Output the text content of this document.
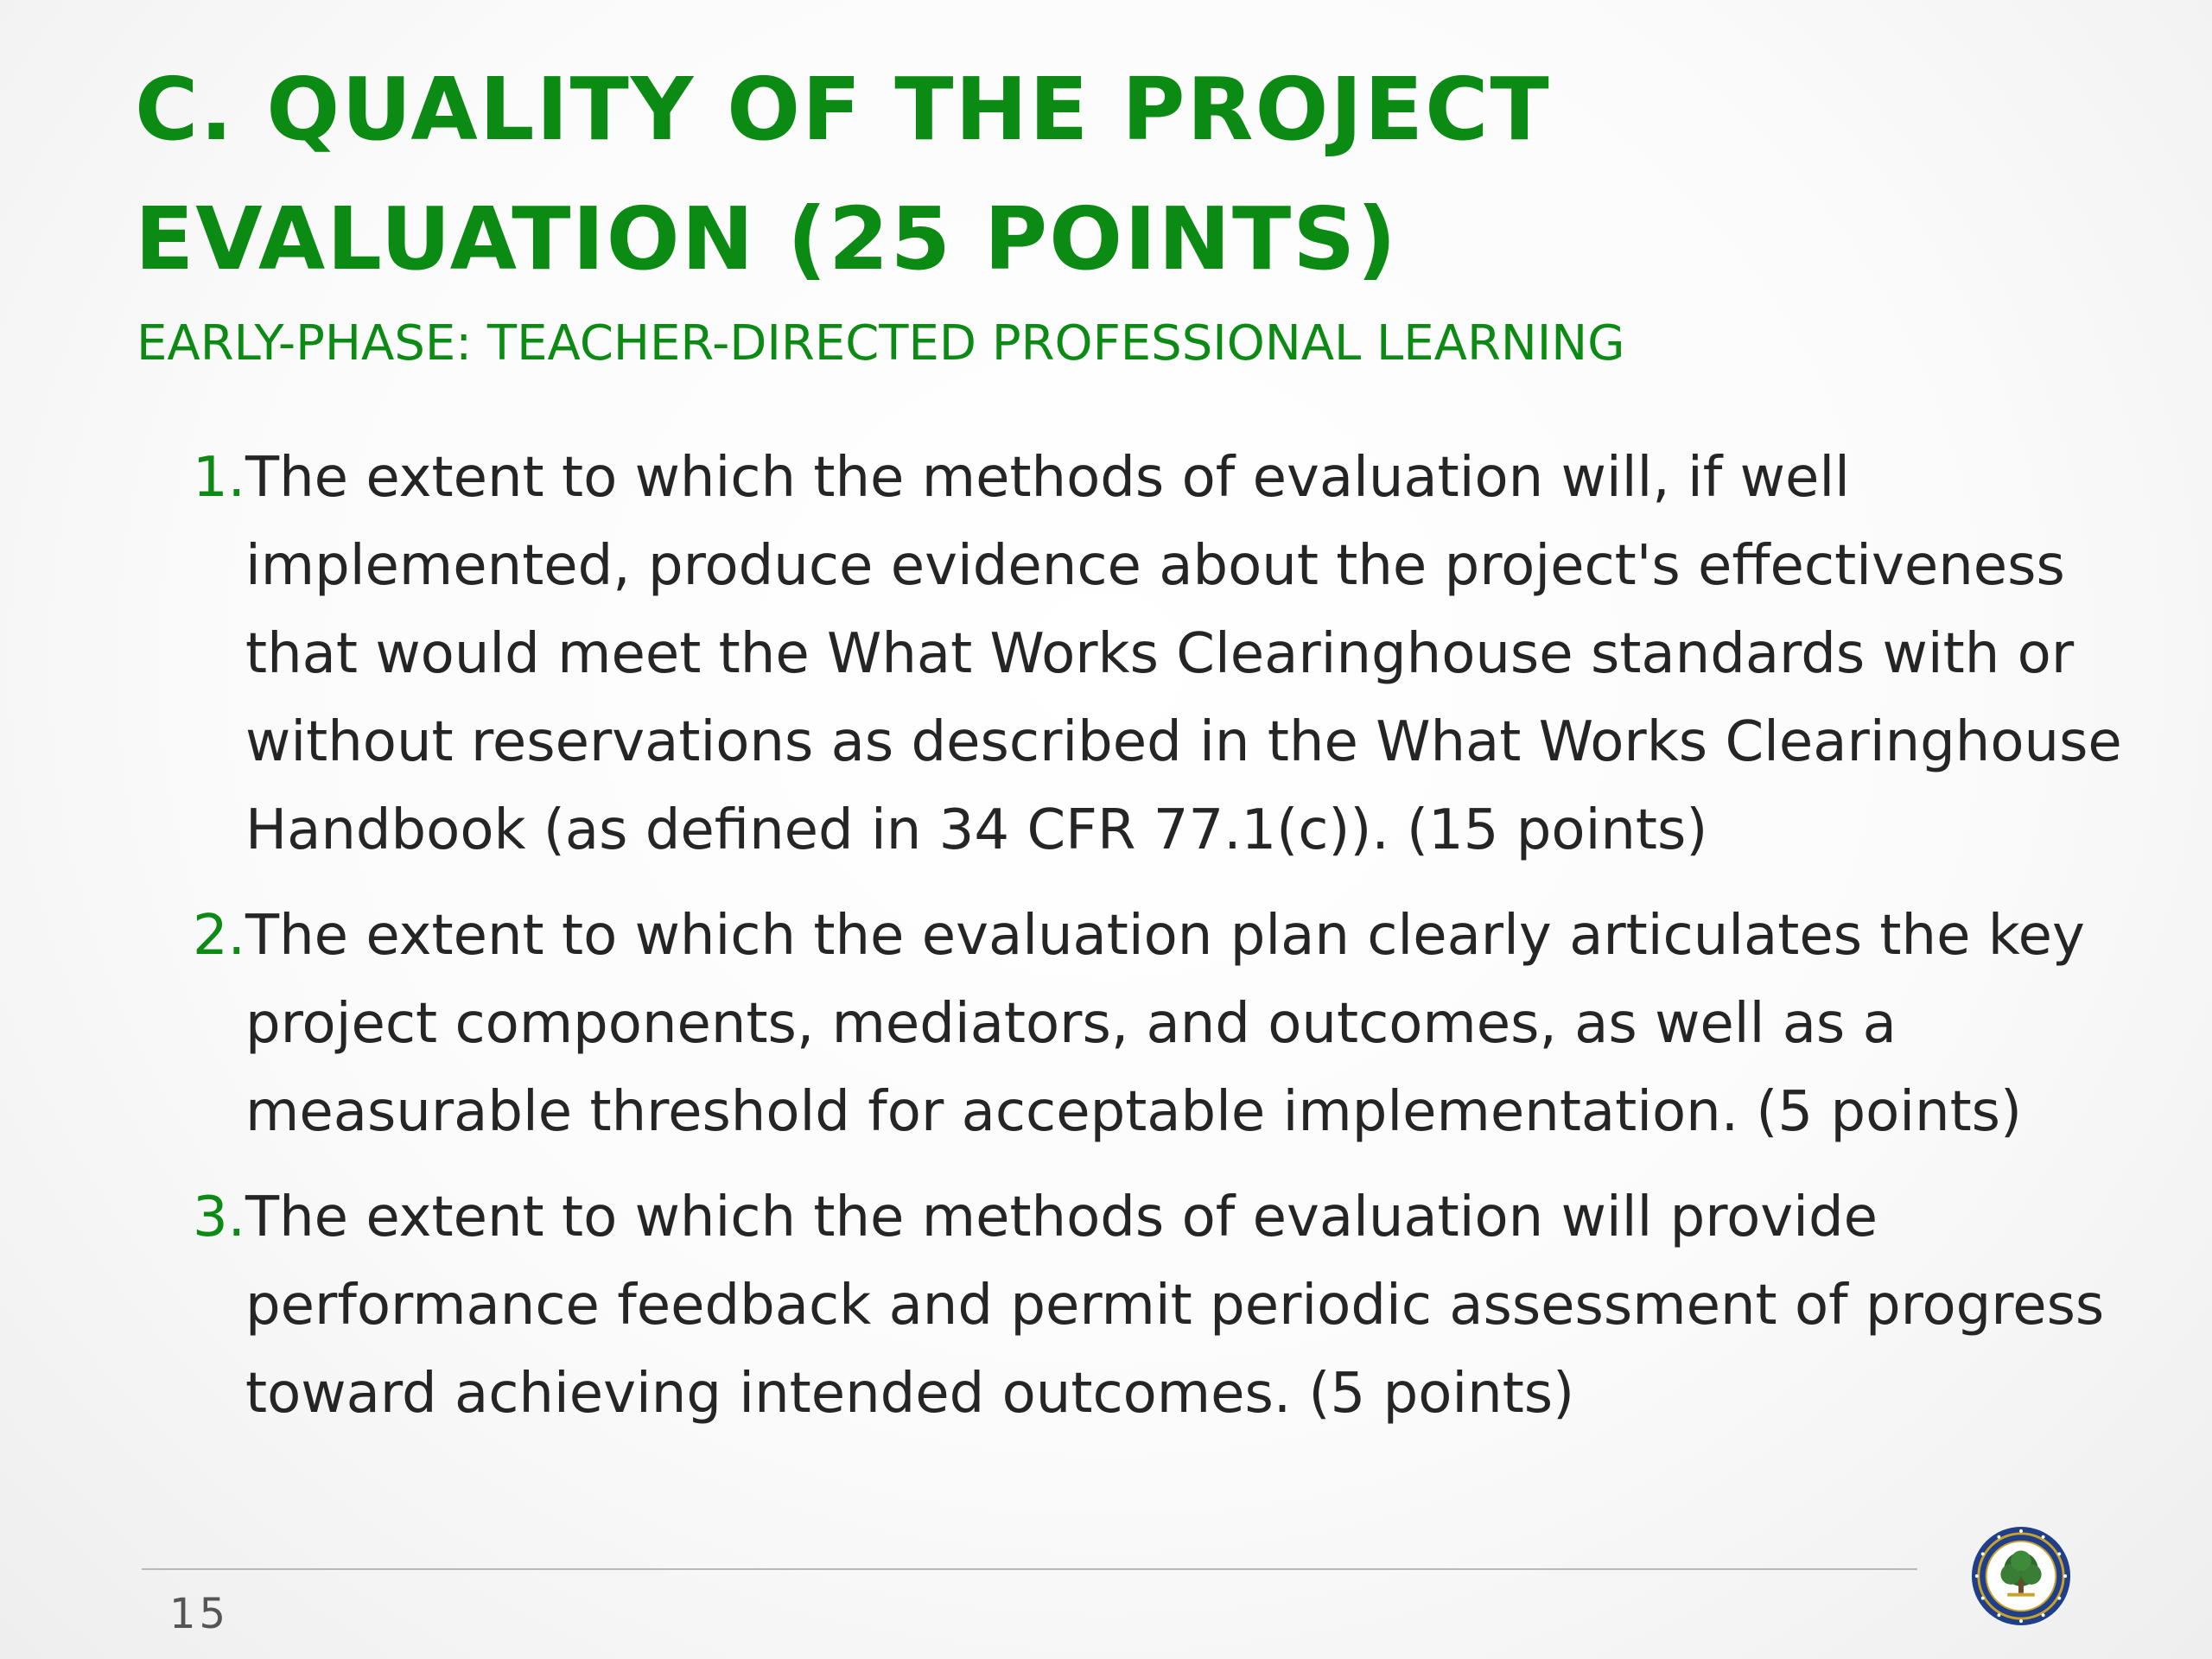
C. QUALITY OF THE PROJECT EVALUATION (25 POINTS)
EARLY-PHASE: TEACHER-DIRECTED PROFESSIONAL LEARNING
1. The extent to which the methods of evaluation will, if well implemented, produce evidence about the project's effectiveness that would meet the What Works Clearinghouse standards with or without reservations as described in the What Works Clearinghouse Handbook (as defined in 34 CFR 77.1(c)). (15 points)
2. The extent to which the evaluation plan clearly articulates the key project components, mediators, and outcomes, as well as a measurable threshold for acceptable implementation. (5 points)
3. The extent to which the methods of evaluation will provide performance feedback and permit periodic assessment of progress toward achieving intended outcomes. (5 points)
15
